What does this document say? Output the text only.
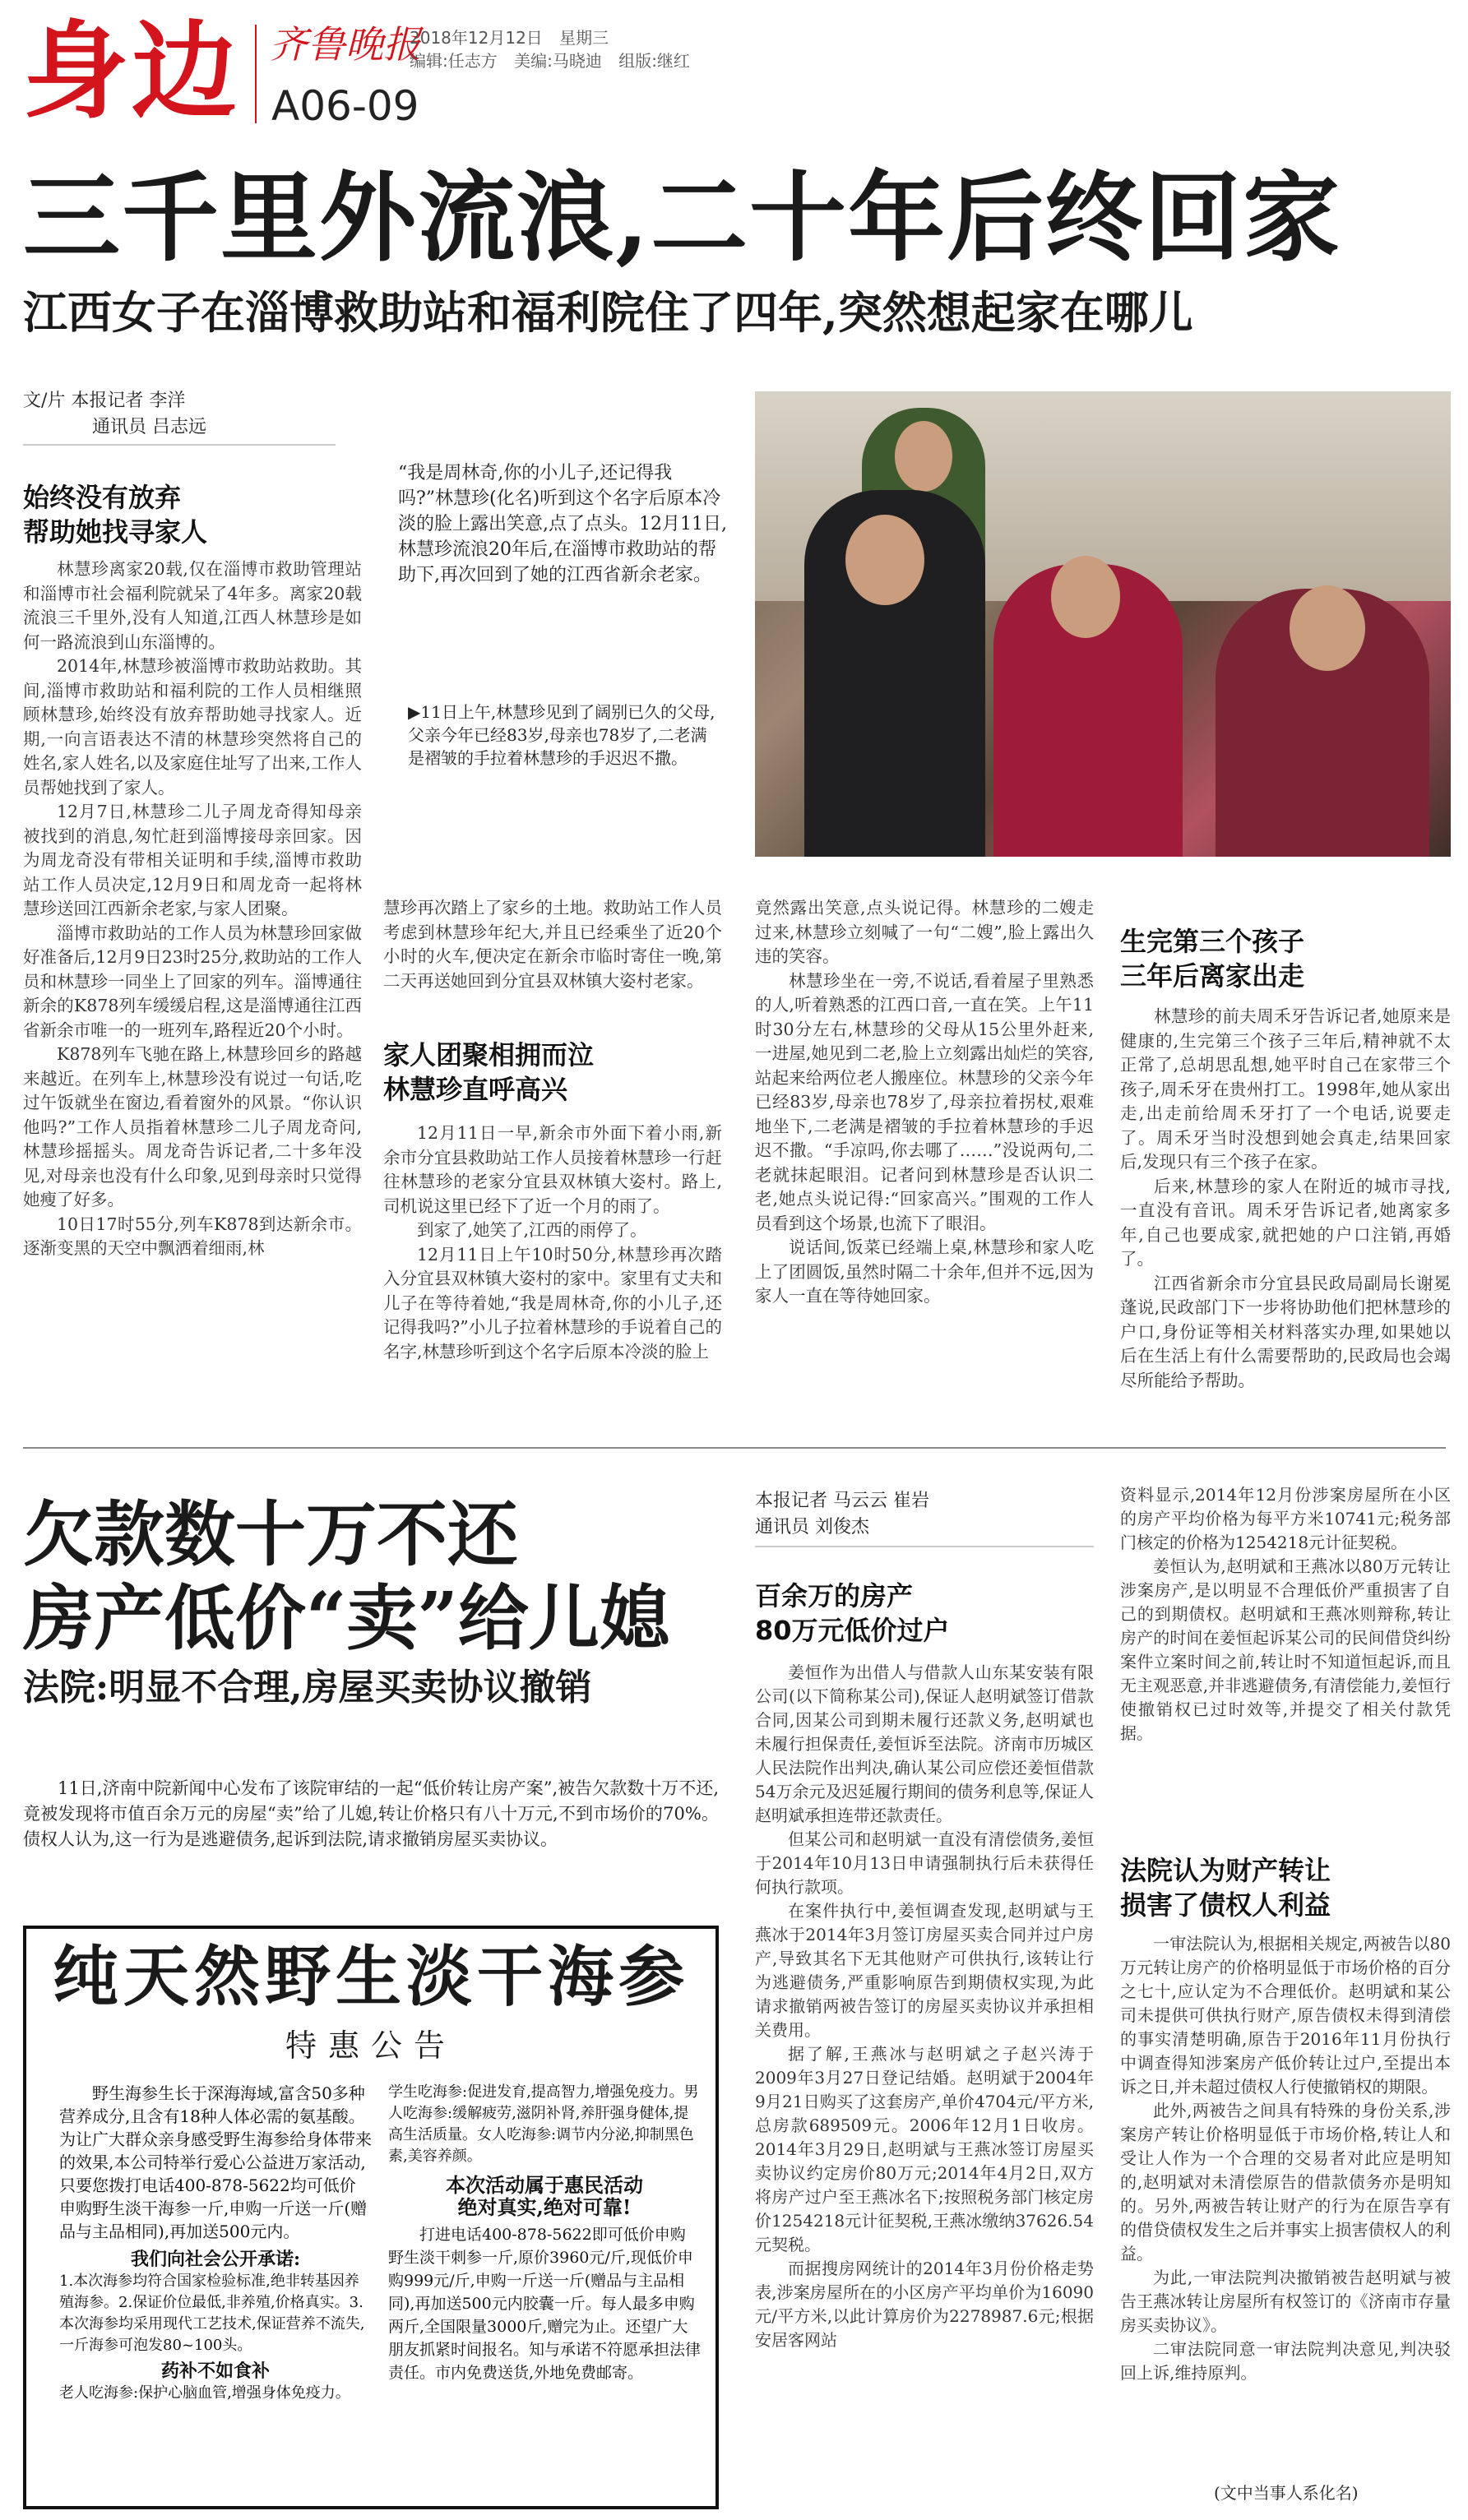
身边 齐鲁晚报
A06-09
2018年12月12日 星期三
编辑:任志方 美编:马晓迪 组版:继红
三千里外流浪,二十年后终回家
江西女子在淄博救助站和福利院住了四年,突然想起家在哪儿
文/片 本报记者 李洋
通讯员 吕志远
始终没有放弃
帮助她找寻家人

林慧珍离家20载,仅在淄博市救助管理站和淄博市社会福利院就呆了4年多。离家20载流浪三千里外,没有人知道,江西人林慧珍是如何一路流浪到山东淄博的。

2014年,林慧珍被淄博市救助站救助。其间,淄博市救助站和福利院的工作人员相继照顾林慧珍,始终没有放弃帮助她寻找家人。近期,一向言语表达不清的林慧珍突然将自己的姓名,家人姓名,以及家庭住址写了出来,工作人员帮她找到了家人。

12月7日,林慧珍二儿子周龙奇得知母亲被找到的消息,匆忙赶到淄博接母亲回家。因为周龙奇没有带相关证明和手续,淄博市救助站工作人员决定,12月9日和周龙奇一起将林慧珍送回江西新余老家,与家人团聚。

淄博市救助站的工作人员为林慧珍回家做好准备后,12月9日23时25分,救助站的工作人员和林慧珍一同坐上了回家的列车。淄博通往新余的K878列车缓缓启程,这是淄博通往江西省新余市唯一的一班列车,路程近20个小时。

K878列车飞驰在路上,林慧珍回乡的路越来越近。在列车上,林慧珍没有说过一句话,吃过午饭就坐在窗边,看着窗外的风景。“你认识他吗?”工作人员指着林慧珍二儿子周龙奇问,林慧珍摇摇头。周龙奇告诉记者,二十多年没见,对母亲也没有什么印象,见到母亲时只觉得她瘦了好多。

10日17时55分,列车K878到达新余市。逐渐变黑的天空中飘洒着细雨,林

“我是周林奇,你的小儿子,还记得我吗?”林慧珍(化名)听到这个名字后原本冷淡的脸上露出笑意,点了点头。12月11日,林慧珍流浪20年后,在淄博市救助站的帮助下,再次回到了她的江西省新余老家。
▶11日上午,林慧珍见到了阔别已久的父母,父亲今年已经83岁,母亲也78岁了,二老满是褶皱的手拉着林慧珍的手迟迟不撒。

慧珍再次踏上了家乡的土地。救助站工作人员考虑到林慧珍年纪大,并且已经乘坐了近20个小时的火车,便决定在新余市临时寄住一晚,第二天再送她回到分宜县双林镇大姿村老家。

家人团聚相拥而泣
林慧珍直呼高兴

12月11日一早,新余市外面下着小雨,新余市分宜县救助站工作人员接着林慧珍一行赶往林慧珍的老家分宜县双林镇大姿村。路上,司机说这里已经下了近一个月的雨了。

到家了,她笑了,江西的雨停了。

12月11日上午10时50分,林慧珍再次踏入分宜县双林镇大姿村的家中。家里有丈夫和儿子在等待着她,“我是周林奇,你的小儿子,还记得我吗?”小儿子拉着林慧珍的手说着自己的名字,林慧珍听到这个名字后原本冷淡的脸上

竟然露出笑意,点头说记得。林慧珍的二嫂走过来,林慧珍立刻喊了一句“二嫂”,脸上露出久违的笑容。

林慧珍坐在一旁,不说话,看着屋子里熟悉的人,听着熟悉的江西口音,一直在笑。上午11时30分左右,林慧珍的父母从15公里外赶来,一进屋,她见到二老,脸上立刻露出灿烂的笑容,站起来给两位老人搬座位。林慧珍的父亲今年已经83岁,母亲也78岁了,母亲拉着拐杖,艰难地坐下,二老满是褶皱的手拉着林慧珍的手迟迟不撒。“手凉吗,你去哪了……”没说两句,二老就抹起眼泪。记者问到林慧珍是否认识二老,她点头说记得:“回家高兴。”围观的工作人员看到这个场景,也流下了眼泪。

说话间,饭菜已经端上桌,林慧珍和家人吃上了团圆饭,虽然时隔二十余年,但并不远,因为家人一直在等待她回家。

生完第三个孩子
三年后离家出走

林慧珍的前夫周禾牙告诉记者,她原来是健康的,生完第三个孩子三年后,精神就不太正常了,总胡思乱想,她平时自己在家带三个孩子,周禾牙在贵州打工。1998年,她从家出走,出走前给周禾牙打了一个电话,说要走了。周禾牙当时没想到她会真走,结果回家后,发现只有三个孩子在家。

后来,林慧珍的家人在附近的城市寻找,一直没有音讯。周禾牙告诉记者,她离家多年,自己也要成家,就把她的户口注销,再婚了。

江西省新余市分宜县民政局副局长谢冕蓬说,民政部门下一步将协助他们把林慧珍的户口,身份证等相关材料落实办理,如果她以后在生活上有什么需要帮助的,民政局也会竭尽所能给予帮助。

欠款数十万不还
房产低价“卖”给儿媳
法院:明显不合理,房屋买卖协议撤销
11日,济南中院新闻中心发布了该院审结的一起“低价转让房产案”,被告欠款数十万不还,竟被发现将市值百余万元的房屋“卖”给了儿媳,转让价格只有八十万元,不到市场价的70%。债权人认为,这一行为是逃避债务,起诉到法院,请求撤销房屋买卖协议。
本报记者 马云云 崔岩
通讯员 刘俊杰
百余万的房产
80万元低价过户

姜恒作为出借人与借款人山东某安装有限公司(以下简称某公司),保证人赵明斌签订借款合同,因某公司到期未履行还款义务,赵明斌也未履行担保责任,姜恒诉至法院。济南市历城区人民法院作出判决,确认某公司应偿还姜恒借款54万余元及迟延履行期间的债务利息等,保证人赵明斌承担连带还款责任。

但某公司和赵明斌一直没有清偿债务,姜恒于2014年10月13日申请强制执行后未获得任何执行款项。

在案件执行中,姜恒调查发现,赵明斌与王燕冰于2014年3月签订房屋买卖合同并过户房产,导致其名下无其他财产可供执行,该转让行为逃避债务,严重影响原告到期债权实现,为此请求撤销两被告签订的房屋买卖协议并承担相关费用。

据了解,王燕冰与赵明斌之子赵兴涛于2009年3月27日登记结婚。赵明斌于2004年9月21日购买了这套房产,单价4704元/平方米,总房款689509元。2006年12月1日收房。2014年3月29日,赵明斌与王燕冰签订房屋买卖协议约定房价80万元;2014年4月2日,双方将房产过户至王燕冰名下;按照税务部门核定房价1254218元计征契税,王燕冰缴纳37626.54元契税。

而据搜房网统计的2014年3月份价格走势表,涉案房屋所在的小区房产平均单价为16090元/平方米,以此计算房价为2278987.6元;根据安居客网站

资料显示,2014年12月份涉案房屋所在小区的房产平均价格为每平方米10741元;税务部门核定的价格为1254218元计征契税。

姜恒认为,赵明斌和王燕冰以80万元转让涉案房产,是以明显不合理低价严重损害了自己的到期债权。赵明斌和王燕冰则辩称,转让房产的时间在姜恒起诉某公司的民间借贷纠纷案件立案时间之前,转让时不知道恒起诉,而且无主观恶意,并非逃避债务,有清偿能力,姜恒行使撤销权已过时效等,并提交了相关付款凭据。

法院认为财产转让
损害了债权人利益

一审法院认为,根据相关规定,两被告以80万元转让房产的价格明显低于市场价格的百分之七十,应认定为不合理低价。赵明斌和某公司未提供可供执行财产,原告债权未得到清偿的事实清楚明确,原告于2016年11月份执行中调查得知涉案房产低价转让过户,至提出本诉之日,并未超过债权人行使撤销权的期限。

此外,两被告之间具有特殊的身份关系,涉案房产转让价格明显低于市场价格,转让人和受让人作为一个合理的交易者对此应是明知的,赵明斌对未清偿原告的借款债务亦是明知的。另外,两被告转让财产的行为在原告享有的借贷债权发生之后并事实上损害债权人的利益。

为此,一审法院判决撤销被告赵明斌与被告王燕冰转让房屋所有权签订的《济南市存量房买卖协议》。

二审法院同意一审法院判决意见,判决驳回上诉,维持原判。

(文中当事人系化名)
纯天然野生淡干海参
特惠公告
野生海参生长于深海海域,富含50多种营养成分,且含有18种人体必需的氨基酸。为让广大群众亲身感受野生海参给身体带来的效果,本公司特举行爱心公益进万家活动,只要您拨打电话400-878-5622均可低价申购野生淡干海参一斤,申购一斤送一斤(赠品与主品相同),再加送500元内。
我们向社会公开承诺:
1.本次海参均符合国家检验标准,绝非转基因养殖海参。2.保证价位最低,非养殖,价格真实。3.本次海参均采用现代工艺技术,保证营养不流失,一斤海参可泡发80~100头。
药补不如食补
老人吃海参:保护心脑血管,增强身体免疫力。
学生吃海参:促进发育,提高智力,增强免疫力。男人吃海参:缓解疲劳,滋阴补肾,养肝强身健体,提高生活质量。女人吃海参:调节内分泌,抑制黑色素,美容养颜。
本次活动属于惠民活动
绝对真实,绝对可靠!
打进电话400-878-5622即可低价申购野生淡干刺参一斤,原价3960元/斤,现低价申购999元/斤,申购一斤送一斤(赠品与主品相同),再加送500元内胶囊一斤。每人最多申购两斤,全国限量3000斤,赠完为止。还望广大朋友抓紧时间报名。知与承诺不符愿承担法律责任。市内免费送货,外地免费邮寄。
